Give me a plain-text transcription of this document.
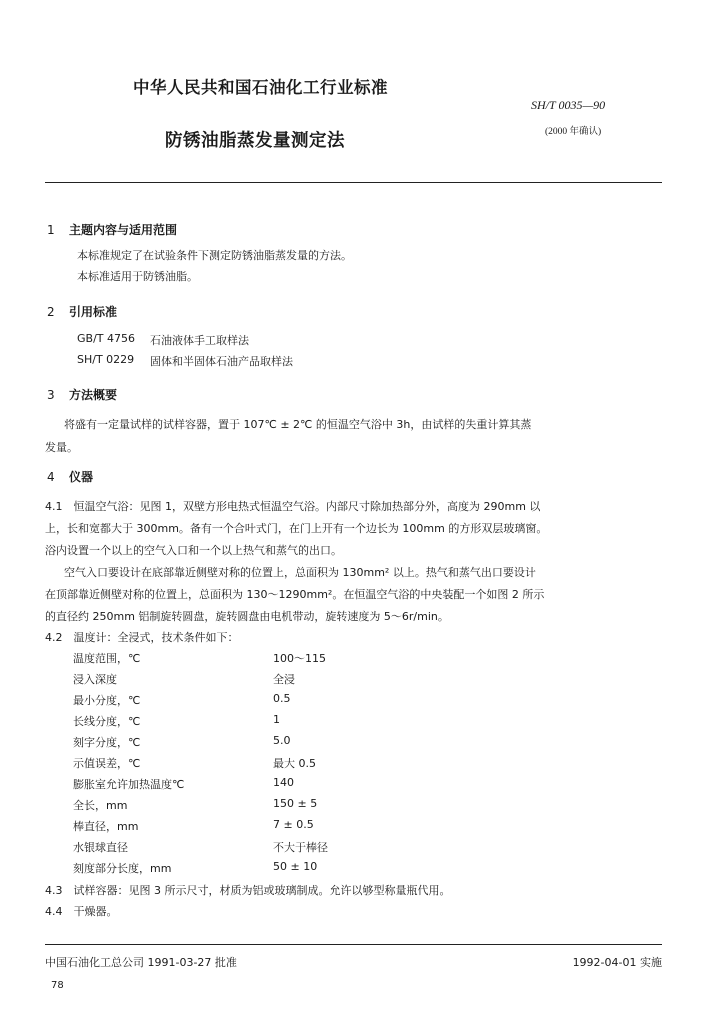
中华人民共和国石油化工行业标准
SH/T 0035—90
(2000 年确认)
防锈油脂蒸发量测定法
1 主题内容与适用范围
本标准规定了在试验条件下测定防锈油脂蒸发量的方法。
本标准适用于防锈油脂。
2 引用标准
GB/T 4756 石油液体手工取样法
SH/T 0229 固体和半固体石油产品取样法
3 方法概要
将盛有一定量试样的试样容器，置于 107℃ ± 2℃ 的恒温空气浴中 3h，由试样的失重计算其蒸
发量。
4 仪器
4.1　恒温空气浴：见图 1，双壁方形电热式恒温空气浴。内部尺寸除加热部分外，高度为 290mm 以
上，长和宽都大于 300mm。备有一个合叶式门，在门上开有一个边长为 100mm 的方形双层玻璃窗。
浴内设置一个以上的空气入口和一个以上热气和蒸气的出口。
空气入口要设计在底部靠近侧壁对称的位置上，总面积为 130mm² 以上。热气和蒸气出口要设计
在顶部靠近侧壁对称的位置上，总面积为 130～1290mm²。在恒温空气浴的中央装配一个如图 2 所示
的直径约 250mm 铝制旋转圆盘，旋转圆盘由电机带动，旋转速度为 5～6r/min。
4.2　温度计：全浸式，技术条件如下：
温度范围，℃	100～115
浸入深度	全浸
最小分度，℃	0.5
长线分度，℃	1
刻字分度，℃	5.0
示值误差，℃	最大 0.5
膨胀室允许加热温度℃	140
全长，mm	150 ± 5
棒直径，mm	7 ± 0.5
水银球直径	不大于棒径
刻度部分长度，mm	50 ± 10
4.3　试样容器：见图 3 所示尺寸，材质为铝或玻璃制成。允许以够型称量瓶代用。
4.4　干燥器。
中国石油化工总公司 1991-03-27 批准	1992-04-01 实施
78
